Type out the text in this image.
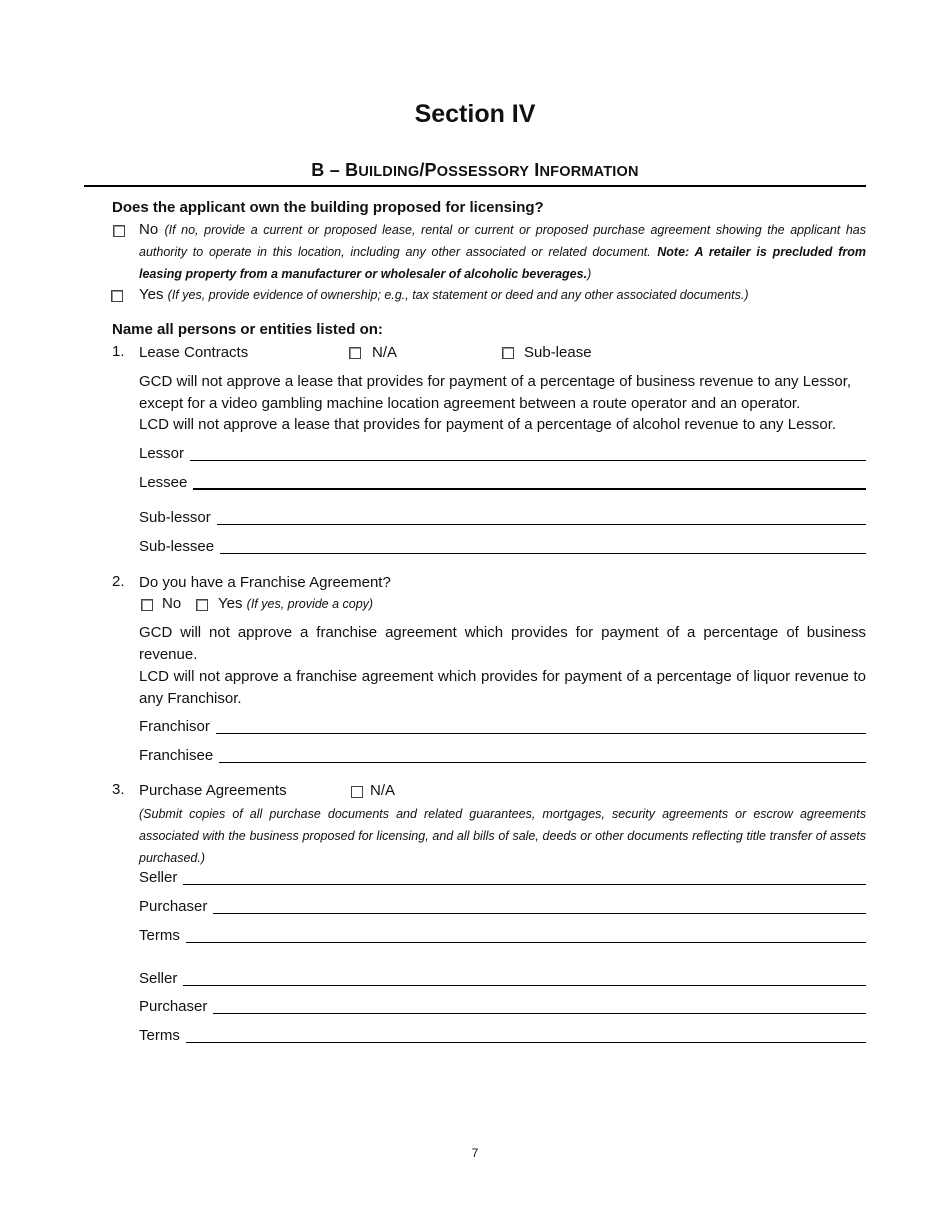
Section IV
B – BUILDING/POSSESSORY INFORMATION
Does the applicant own the building proposed for licensing?
No (If no, provide a current or proposed lease, rental or current or proposed purchase agreement showing the applicant has authority to operate in this location, including any other associated or related document. Note: A retailer is precluded from leasing property from a manufacturer or wholesaler of alcoholic beverages.)
Yes (If yes, provide evidence of ownership; e.g., tax statement or deed and any other associated documents.)
Name all persons or entities listed on:
1. Lease Contracts	N/A	Sub-lease
GCD will not approve a lease that provides for payment of a percentage of business revenue to any Lessor, except for a video gambling machine location agreement between a route operator and an operator.
LCD will not approve a lease that provides for payment of a percentage of alcohol revenue to any Lessor.
Lessor
Lessee
Sub-lessor
Sub-lessee
2. Do you have a Franchise Agreement?
No Yes (If yes, provide a copy)
GCD will not approve a franchise agreement which provides for payment of a percentage of business revenue.
LCD will not approve a franchise agreement which provides for payment of a percentage of liquor revenue to any Franchisor.
Franchisor
Franchisee
3. Purchase Agreements	N/A
(Submit copies of all purchase documents and related guarantees, mortgages, security agreements or escrow agreements associated with the business proposed for licensing, and all bills of sale, deeds or other documents reflecting title transfer of assets purchased.)
Seller
Purchaser
Terms
Seller
Purchaser
Terms
7
